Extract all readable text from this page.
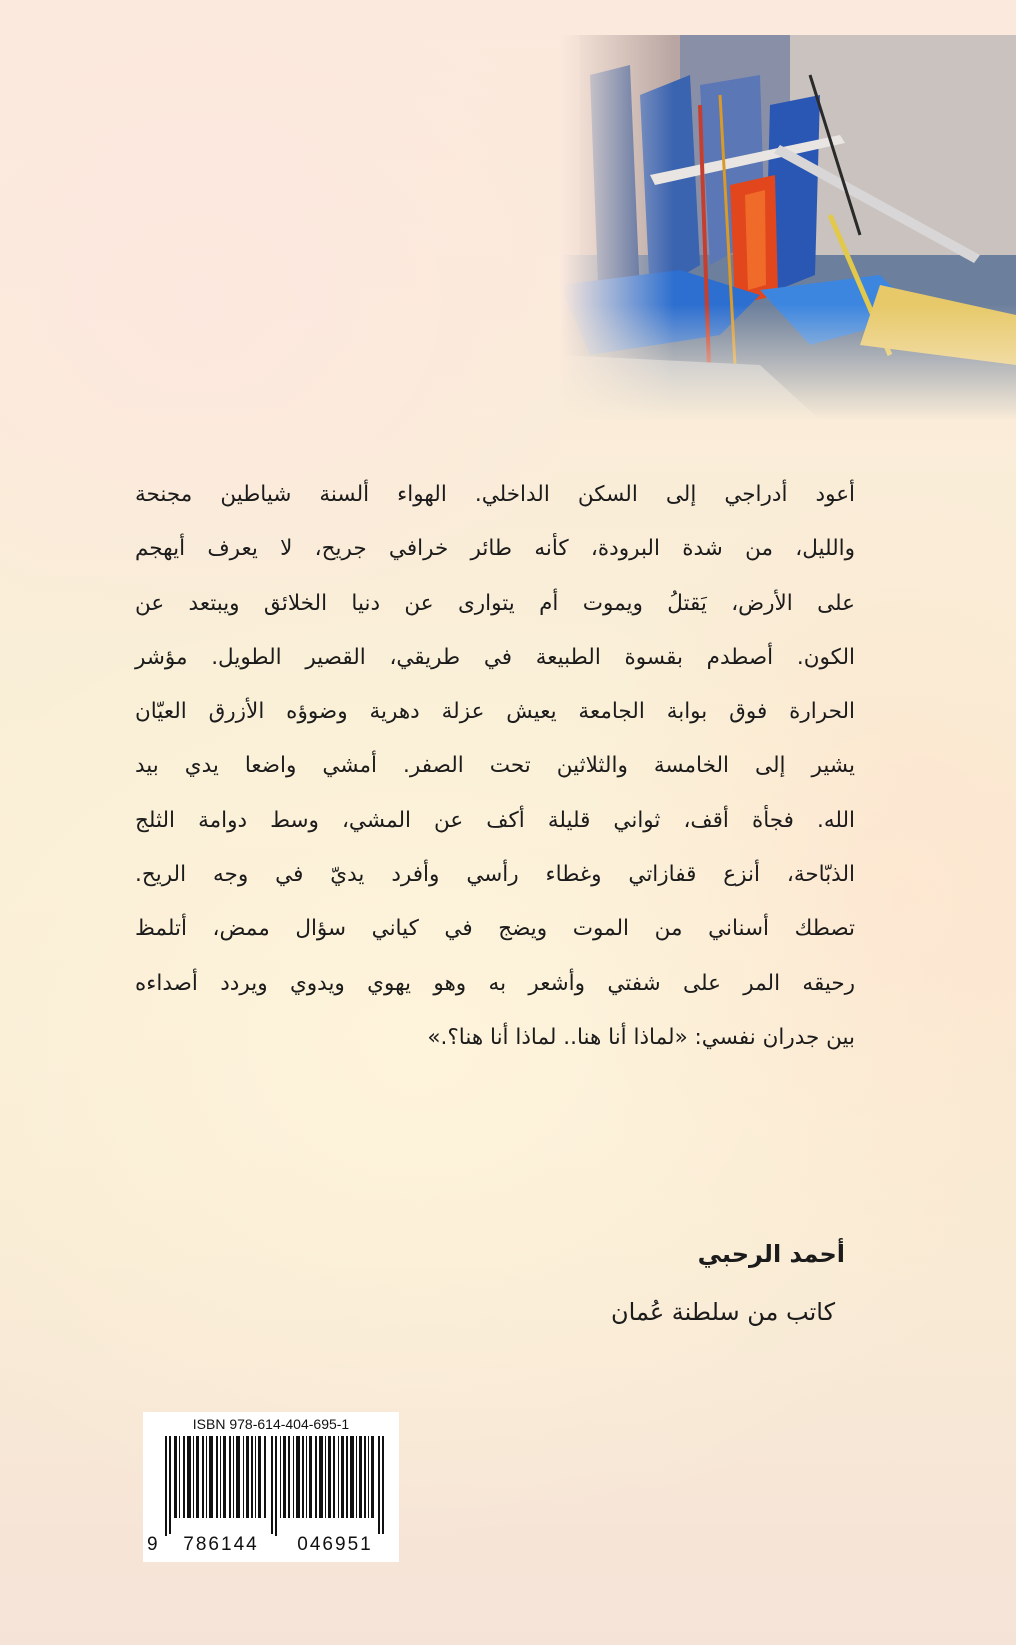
أعود أدراجي إلى السكن الداخلي. الهواء ألسنة شياطين مجنحة
والليل، من شدة البرودة، كأنه طائر خرافي جريح، لا يعرف أيهجم
على الأرض، يَقتلُ ويموت أم يتوارى عن دنيا الخلائق ويبتعد عن
الكون. أصطدم بقسوة الطبيعة في طريقي، القصير الطويل. مؤشر
الحرارة فوق بوابة الجامعة يعيش عزلة دهرية وضوؤه الأزرق العيّان
يشير إلى الخامسة والثلاثين تحت الصفر. أمشي واضعا يدي بيد
الله. فجأة أقف، ثواني قليلة أكف عن المشي، وسط دوامة الثلج
الذبّاحة، أنزع قفازاتي وغطاء رأسي وأفرد يديّ في وجه الريح.
تصطك أسناني من الموت ويضج في كياني سؤال ممض، أتلمظ
رحيقه المر على شفتي وأشعر به وهو يهوي ويدوي ويردد أصداءه
بين جدران نفسي: «لماذا أنا هنا.. لماذا أنا هنا؟.»
أحمد الرحبي
كاتب من سلطنة عُمان
ISBN 978-614-404-695-1
9	786144	046951
